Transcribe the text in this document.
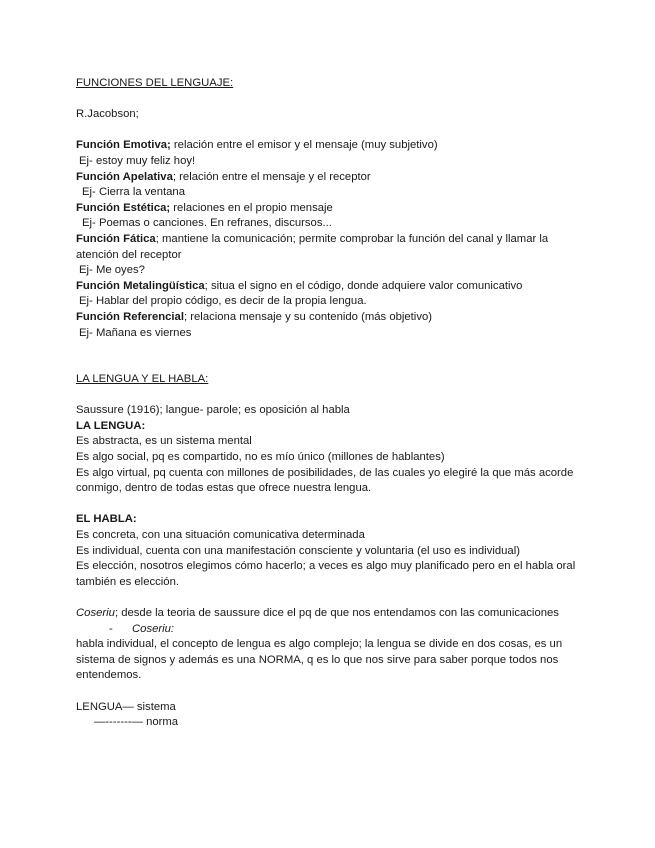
FUNCIONES DEL LENGUAJE:
R.Jacobson;
Función Emotiva; relación entre el emisor y el mensaje (muy subjetivo)
Ej- estoy muy feliz hoy!
Función Apelativa; relación entre el mensaje y el receptor
Ej- Cierra la ventana
Función Estética; relaciones en el propio mensaje
Ej- Poemas o canciones. En refranes, discursos...
Función Fática; mantiene la comunicación; permite comprobar la función del canal y llamar la atención del receptor
Ej- Me oyes?
Función Metalingüística; situa el signo en el código, donde adquiere valor comunicativo
Ej- Hablar del propio código, es decir de la propia lengua.
Función Referencial; relaciona mensaje y su contenido (más objetivo)
Ej- Mañana es viernes
LA LENGUA Y EL HABLA:
Saussure (1916); langue- parole; es oposición al habla
LA LENGUA:
Es abstracta, es un sistema mental
Es algo social, pq es compartido, no es mío único (millones de hablantes)
Es algo virtual, pq cuenta con millones de posibilidades, de las cuales yo elegiré la que más acorde conmigo, dentro de todas estas que ofrece nuestra lengua.
EL HABLA:
Es concreta, con una situación comunicativa determinada
Es individual, cuenta con una manifestación consciente y voluntaria (el uso es individual)
Es elección, nosotros elegimos cómo hacerlo; a veces es algo muy planificado pero en el habla oral también es elección.
Coseriu; desde la teoria de saussure dice el pq de que nos entendamos con las comunicaciones
- Coseriu:
habla individual, el concepto de lengua es algo complejo; la lengua se divide en dos cosas, es un sistema de signos y además es una NORMA, q es lo que nos sirve para saber porque todos nos entendemos.
LENGUA— sistema
—-------— norma
